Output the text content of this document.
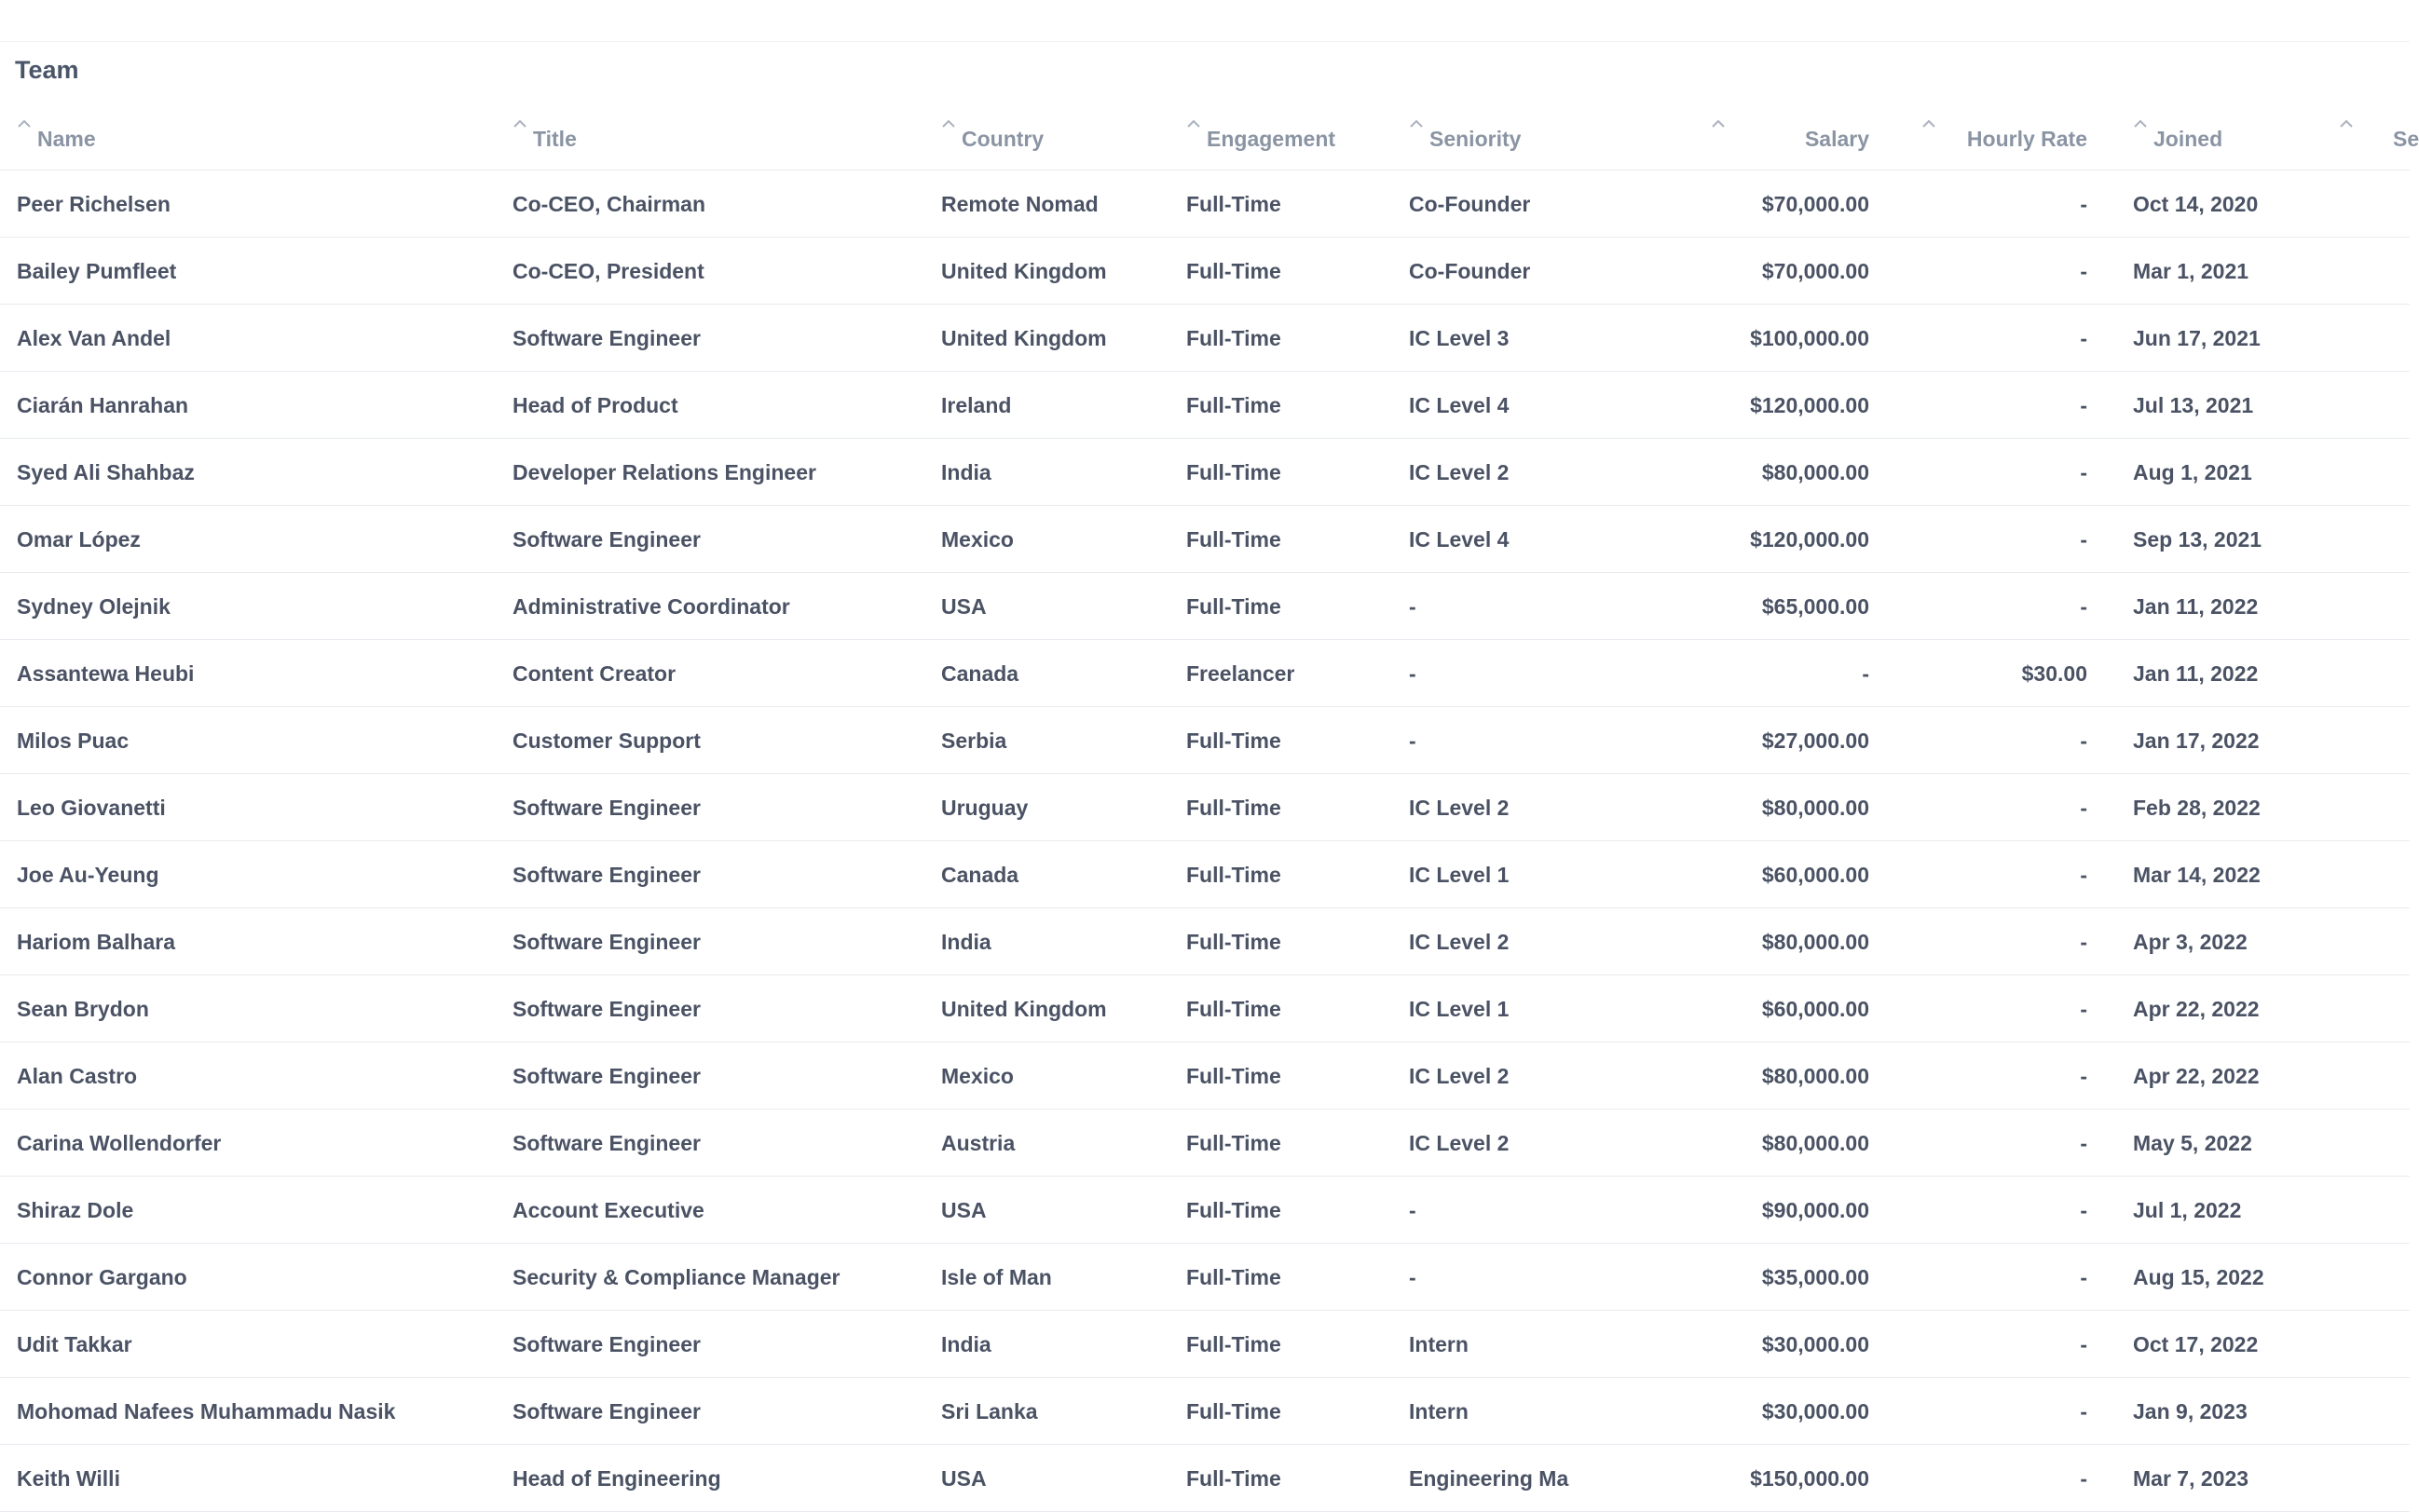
Team
Name	Title	Country	Engagement	Seniority	Salary	Hourly Rate	Joined	Se
Peer Richelsen	Co-CEO, Chairman	Remote Nomad	Full-Time	Co-Founder	$70,000.00	- Oct 14, 2020
Bailey Pumfleet	Co-CEO, President	United Kingdom	Full-Time	Co-Founder	$70,000.00	- Mar 1, 2021
Alex Van Andel	Software Engineer	United Kingdom	Full-Time	IC Level 3	$100,000.00	- Jun 17, 2021
Ciarán Hanrahan	Head of Product	Ireland	Full-Time	IC Level 4	$120,000.00	- Jul 13, 2021
Syed Ali Shahbaz	Developer Relations Engineer	India	Full-Time	IC Level 2	$80,000.00	- Aug 1, 2021
Omar López	Software Engineer	Mexico	Full-Time	IC Level 4	$120,000.00	- Sep 13, 2021
Sydney Olejnik	Administrative Coordinator	USA	Full-Time	-	$65,000.00	- Jan 11, 2022
Assantewa Heubi	Content Creator	Canada	Freelancer	-	-	$30.00 Jan 11, 2022
Milos Puac	Customer Support	Serbia	Full-Time	-	$27,000.00	- Jan 17, 2022
Leo Giovanetti	Software Engineer	Uruguay	Full-Time	IC Level 2	$80,000.00	- Feb 28, 2022
Joe Au-Yeung	Software Engineer	Canada	Full-Time	IC Level 1	$60,000.00	- Mar 14, 2022
Hariom Balhara	Software Engineer	India	Full-Time	IC Level 2	$80,000.00	- Apr 3, 2022
Sean Brydon	Software Engineer	United Kingdom	Full-Time	IC Level 1	$60,000.00	- Apr 22, 2022
Alan Castro	Software Engineer	Mexico	Full-Time	IC Level 2	$80,000.00	- Apr 22, 2022
Carina Wollendorfer	Software Engineer	Austria	Full-Time	IC Level 2	$80,000.00	- May 5, 2022
Shiraz Dole	Account Executive	USA	Full-Time	-	$90,000.00	- Jul 1, 2022
Connor Gargano	Security & Compliance Manager	Isle of Man	Full-Time	-	$35,000.00	- Aug 15, 2022
Udit Takkar	Software Engineer	India	Full-Time	Intern	$30,000.00	- Oct 17, 2022
Mohomad Nafees Muhammadu Nasik	Software Engineer	Sri Lanka	Full-Time	Intern	$30,000.00	- Jan 9, 2023
Keith Willi	Head of Engineering	USA	Full-Time	Engineering Ma	$150,000.00	- Mar 7, 2023
